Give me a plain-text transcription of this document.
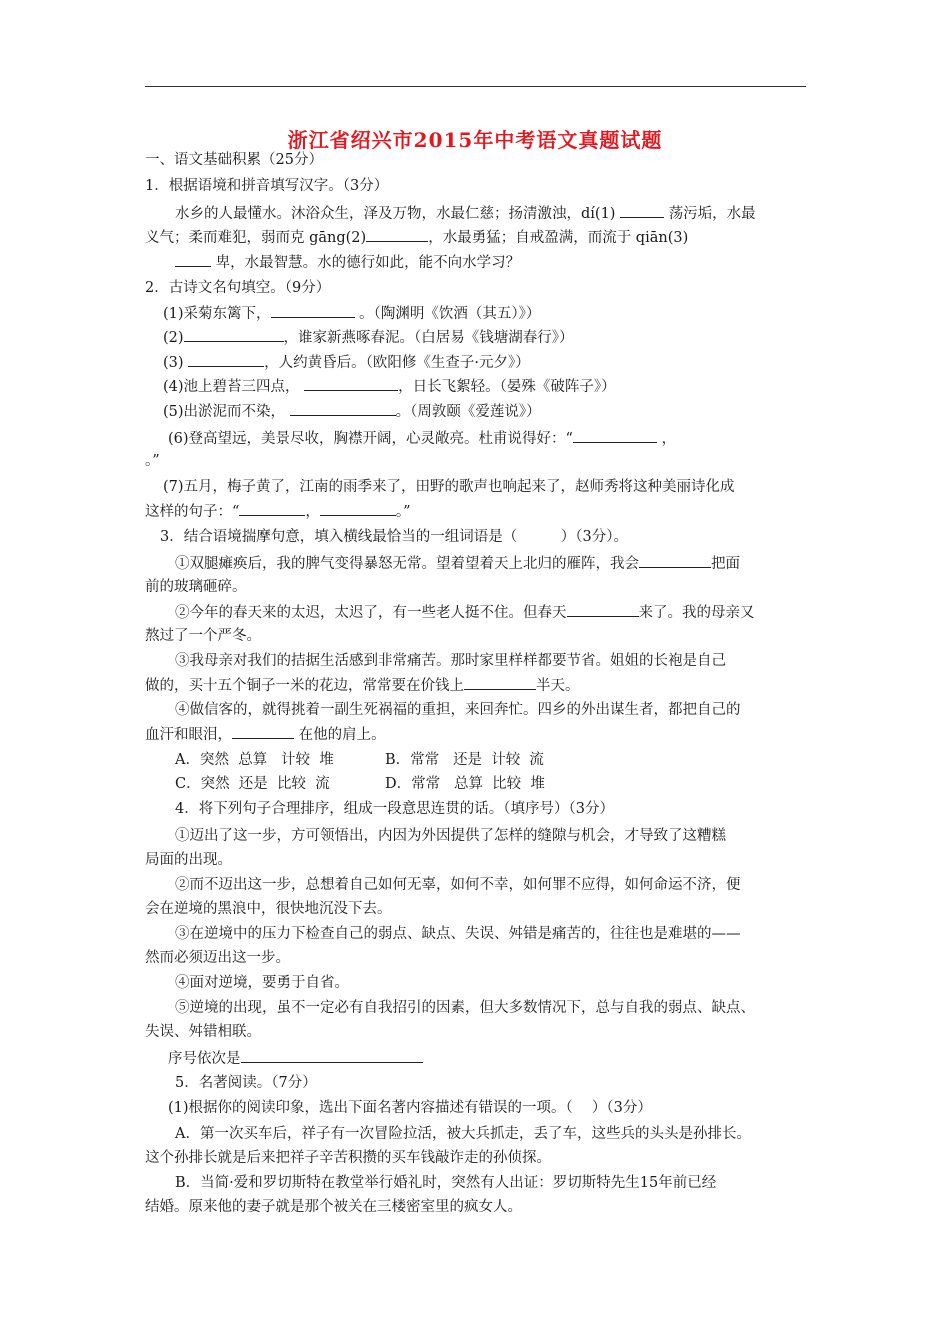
浙江省绍兴市2015年中考语文真题试题
一、语文基础积累（25分）
1．根据语境和拼音填写汉字。（3分）
水乡的人最懂水。沐浴众生，泽及万物，水最仁慈；扬清激浊，dí(1)	荡污垢，水最
义气；柔而难犯，弱而克 gāng(2)	，水最勇猛；自戒盈满，而流于 qiān(3)
卑，水最智慧。水的德行如此，能不向水学习？
2．古诗文名句填空。（9分）
(1)采菊东篱下，	。（陶渊明《饮酒（其五）》）
(2)	，谁家新燕啄春泥。（白居易《钱塘湖春行》）
(3)	，人约黄昏后。（欧阳修《生查子·元夕》）
(4)池上碧苔三四点，	，日长飞絮轻。（晏殊《破阵子》）
(5)出淤泥而不染，	。（周敦颐《爱莲说》）
(6)登高望远，美景尽收，胸襟开阔，心灵敞亮。杜甫说得好：“	，
。”
(7)五月，梅子黄了，江南的雨季来了，田野的歌声也响起来了，赵师秀将这种美丽诗化成
这样的句子：“	，	。”
3．结合语境揣摩句意，填入横线最恰当的一组词语是（　　　）（3分）。
①双腿瘫痪后，我的脾气变得暴怒无常。望着望着天上北归的雁阵，我会	把面
前的玻璃砸碎。
②今年的春天来的太迟，太迟了，有一些老人挺不住。但春天	来了。我的母亲又
熬过了一个严冬。
③我母亲对我们的拮据生活感到非常痛苦。那时家里样样都要节省。姐姐的长袍是自己
做的，买十五个铜子一米的花边，常常要在价钱上	半天。
④做信客的，就得挑着一副生死祸福的重担，来回奔忙。四乡的外出谋生者，都把自己的
血汗和眼泪，	在他的肩上。
A．突然  总算   计较  堆	B．常常   还是  计较  流
C．突然  还是  比较  流	D．常常   总算  比较  堆
4．将下列句子合理排序，组成一段意思连贯的话。（填序号）（3分）
①迈出了这一步，方可领悟出，内因为外因提供了怎样的缝隙与机会，才导致了这糟糕
局面的出现。
②而不迈出这一步，总想着自己如何无辜，如何不幸，如何罪不应得，如何命运不济，便
会在逆境的黑浪中，很快地沉没下去。
③在逆境中的压力下检查自己的弱点、缺点、失误、舛错是痛苦的，往往也是难堪的——
然而必须迈出这一步。
④面对逆境，要勇于自省。
⑤逆境的出现，虽不一定必有自我招引的因素，但大多数情况下，总与自我的弱点、缺点、
失误、舛错相联。
序号依次是
5．名著阅读。（7分）
(1)根据你的阅读印象，选出下面名著内容描述有错误的一项。（　 ）（3分）
A．第一次买车后，祥子有一次冒险拉活，被大兵抓走，丢了车，这些兵的头头是孙排长。
这个孙排长就是后来把祥子辛苦积攒的买车钱敲诈走的孙侦探。
B．当简·爱和罗切斯特在教堂举行婚礼时，突然有人出证：罗切斯特先生15年前已经
结婚。原来他的妻子就是那个被关在三楼密室里的疯女人。
